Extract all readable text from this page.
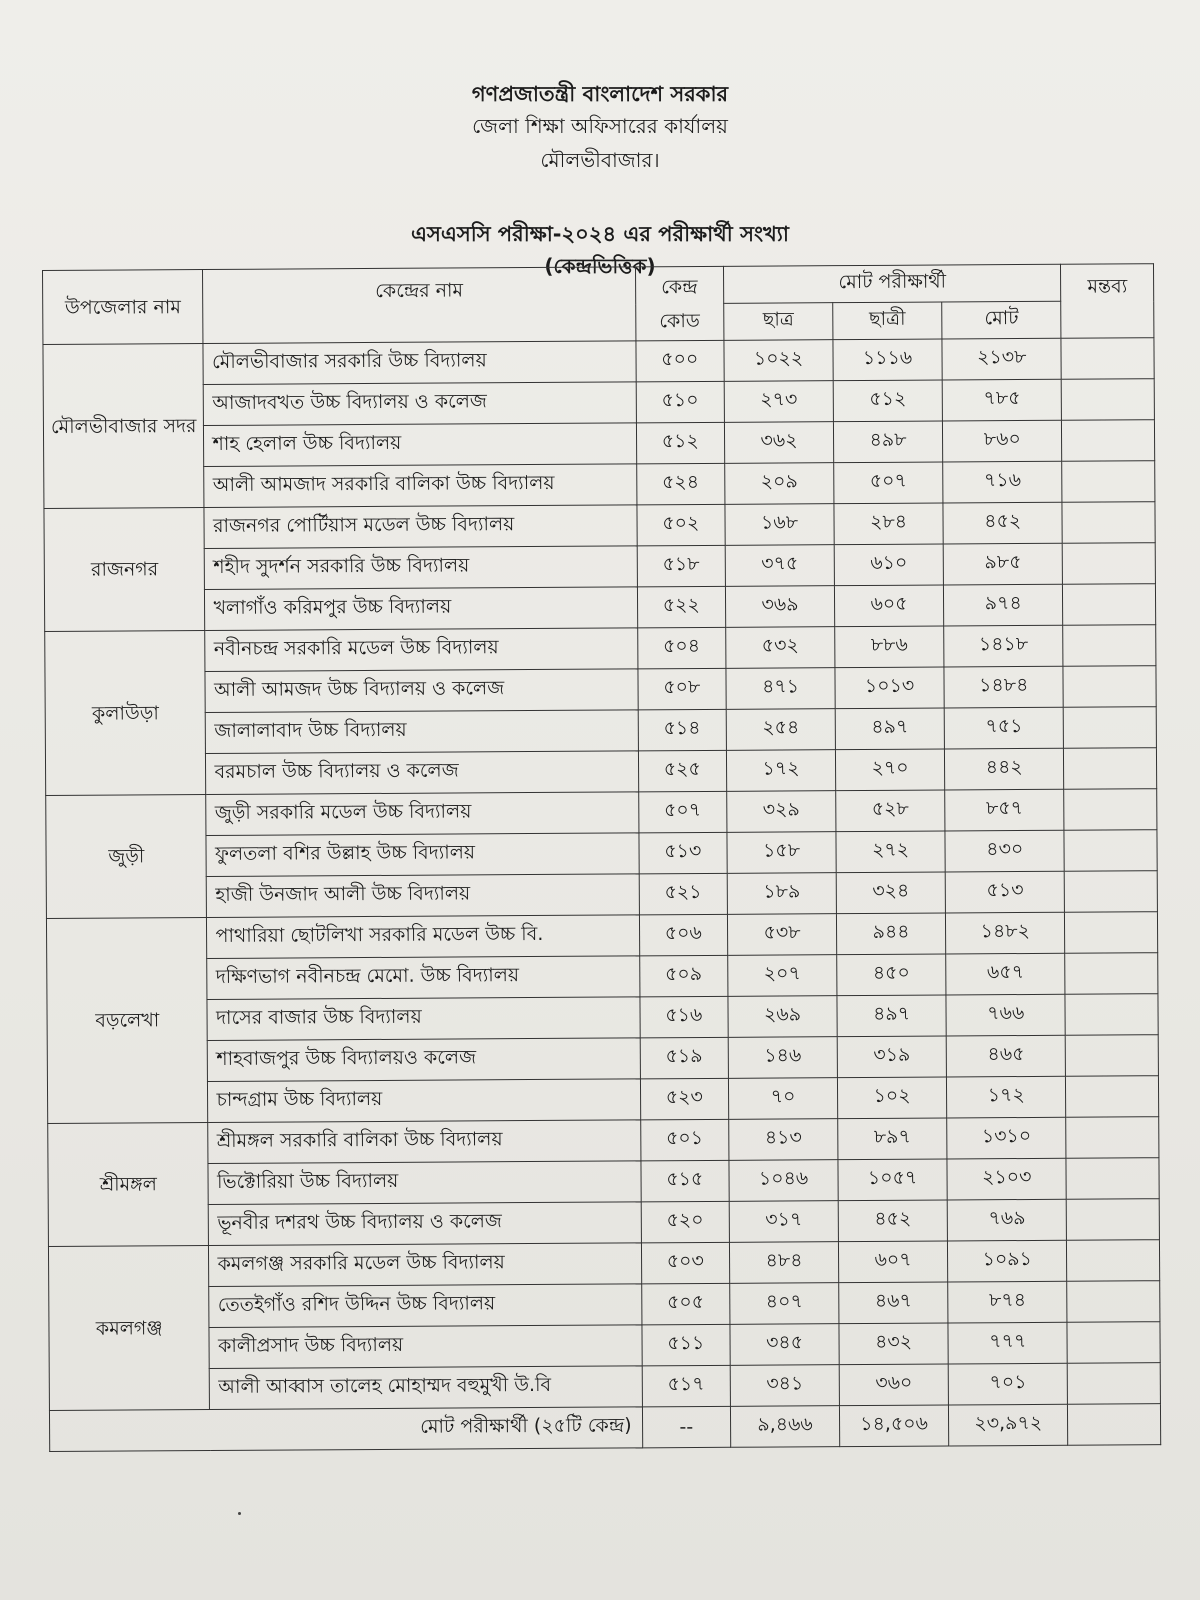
গণপ্রজাতন্ত্রী বাংলাদেশ সরকার
জেলা শিক্ষা অফিসারের কার্যালয়
মৌলভীবাজার।
এসএসসি পরীক্ষা-২০২৪ এর পরীক্ষার্থী সংখ্যা
(কেন্দ্রভিত্তিক)
উপজেলার নাম	কেন্দ্রের নাম	কেন্দ্র কোড	মোট পরীক্ষার্থী			মন্তব্য
			ছাত্র	ছাত্রী	মোট	
মৌলভীবাজার সদর	মৌলভীবাজার সরকারি উচ্চ বিদ্যালয়	৫০০	১০২২	১১১৬	২১৩৮	
	আজাদবখত উচ্চ বিদ্যালয় ও কলেজ	৫১০	২৭৩	৫১২	৭৮৫	
	শাহ হেলাল উচ্চ বিদ্যালয়	৫১২	৩৬২	৪৯৮	৮৬০	
	আলী আমজাদ সরকারি বালিকা উচ্চ বিদ্যালয়	৫২৪	২০৯	৫০৭	৭১৬	
রাজনগর	রাজনগর পোর্টিয়াস মডেল উচ্চ বিদ্যালয়	৫০২	১৬৮	২৮৪	৪৫২	
	শহীদ সুদর্শন সরকারি উচ্চ বিদ্যালয়	৫১৮	৩৭৫	৬১০	৯৮৫	
	খলাগাঁও করিমপুর উচ্চ বিদ্যালয়	৫২২	৩৬৯	৬০৫	৯৭৪	
কুলাউড়া	নবীনচন্দ্র সরকারি মডেল উচ্চ বিদ্যালয়	৫০৪	৫৩২	৮৮৬	১৪১৮	
	আলী আমজদ উচ্চ বিদ্যালয় ও কলেজ	৫০৮	৪৭১	১০১৩	১৪৮৪	
	জালালাবাদ উচ্চ বিদ্যালয়	৫১৪	২৫৪	৪৯৭	৭৫১	
	বরমচাল উচ্চ বিদ্যালয় ও কলেজ	৫২৫	১৭২	২৭০	৪৪২	
জুড়ী	জুড়ী সরকারি মডেল উচ্চ বিদ্যালয়	৫০৭	৩২৯	৫২৮	৮৫৭	
	ফুলতলা বশির উল্লাহ উচ্চ বিদ্যালয়	৫১৩	১৫৮	২৭২	৪৩০	
	হাজী উনজাদ আলী উচ্চ বিদ্যালয়	৫২১	১৮৯	৩২৪	৫১৩	
বড়লেখা	পাথারিয়া ছোটলিখা সরকারি মডেল উচ্চ বি.	৫০৬	৫৩৮	৯৪৪	১৪৮২	
	দক্ষিণভাগ নবীনচন্দ্র মেমো. উচ্চ বিদ্যালয়	৫০৯	২০৭	৪৫০	৬৫৭	
	দাসের বাজার উচ্চ বিদ্যালয়	৫১৬	২৬৯	৪৯৭	৭৬৬	
	শাহবাজপুর উচ্চ বিদ্যালয়ও কলেজ	৫১৯	১৪৬	৩১৯	৪৬৫	
	চান্দগ্রাম উচ্চ বিদ্যালয়	৫২৩	৭০	১০২	১৭২	
শ্রীমঙ্গল	শ্রীমঙ্গল সরকারি বালিকা উচ্চ বিদ্যালয়	৫০১	৪১৩	৮৯৭	১৩১০	
	ভিক্টোরিয়া উচ্চ বিদ্যালয়	৫১৫	১০৪৬	১০৫৭	২১০৩	
	ভূনবীর দশরথ উচ্চ বিদ্যালয় ও কলেজ	৫২০	৩১৭	৪৫২	৭৬৯	
কমলগঞ্জ	কমলগঞ্জ সরকারি মডেল উচ্চ বিদ্যালয়	৫০৩	৪৮৪	৬০৭	১০৯১	
	তেতইগাঁও রশিদ উদ্দিন উচ্চ বিদ্যালয়	৫০৫	৪০৭	৪৬৭	৮৭৪	
	কালীপ্রসাদ উচ্চ বিদ্যালয়	৫১১	৩৪৫	৪৩২	৭৭৭	
	আলী আব্বাস তালেহ মোহাম্মদ বহুমুখী উ.বি	৫১৭	৩৪১	৩৬০	৭০১	
মোট পরীক্ষার্থী (২৫টি কেন্দ্র)		--	৯,৪৬৬	১৪,৫০৬	২৩,৯৭২	
